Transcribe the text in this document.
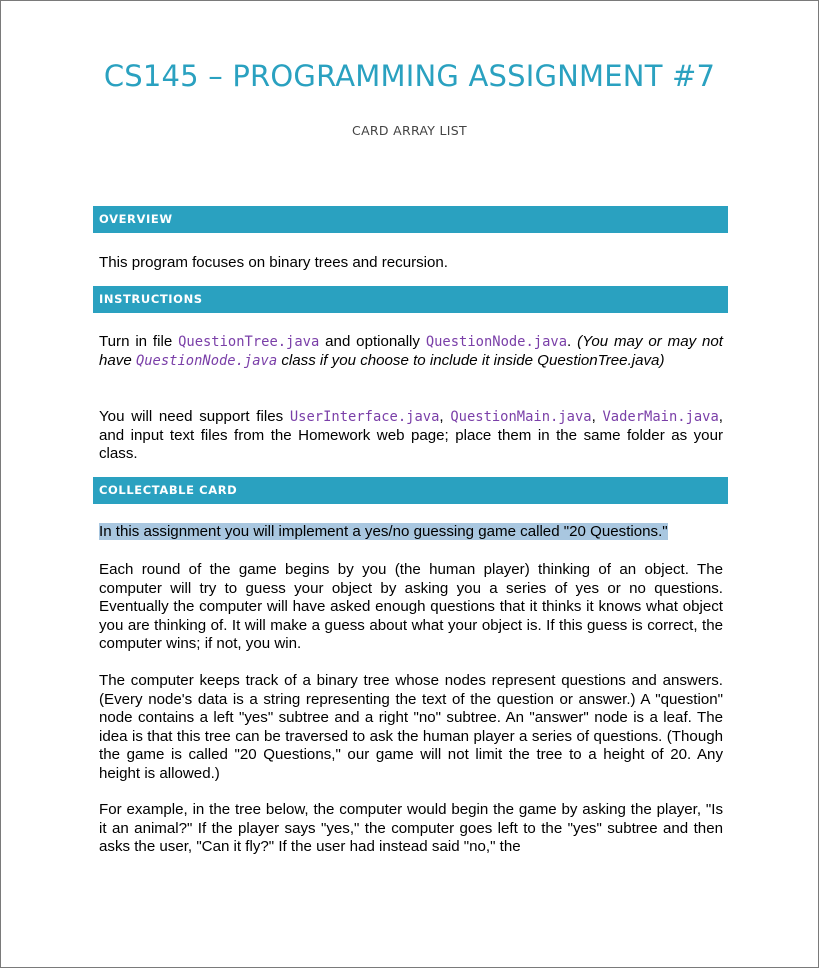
CS145 – PROGRAMMING ASSIGNMENT #7
CARD ARRAY LIST
OVERVIEW
This program focuses on binary trees and recursion.
INSTRUCTIONS
Turn in file QuestionTree.java and optionally QuestionNode.java. (You may or may not have QuestionNode.java class if you choose to include it inside QuestionTree.java)
You will need support files UserInterface.java, QuestionMain.java, VaderMain.java, and input text files from the Homework web page; place them in the same folder as your class.
COLLECTABLE CARD
In this assignment you will implement a yes/no guessing game called "20 Questions."
Each round of the game begins by you (the human player) thinking of an object. The computer will try to guess your object by asking you a series of yes or no questions. Eventually the computer will have asked enough questions that it thinks it knows what object you are thinking of. It will make a guess about what your object is. If this guess is correct, the computer wins; if not, you win.
The computer keeps track of a binary tree whose nodes represent questions and answers. (Every node's data is a string representing the text of the question or answer.) A "question" node contains a left "yes" subtree and a right "no" subtree. An "answer" node is a leaf. The idea is that this tree can be traversed to ask the human player a series of questions. (Though the game is called "20 Questions," our game will not limit the tree to a height of 20. Any height is allowed.)
For example, in the tree below, the computer would begin the game by asking the player, "Is it an animal?" If the player says "yes," the computer goes left to the "yes" subtree and then asks the user, "Can it fly?" If the user had instead said "no," the
